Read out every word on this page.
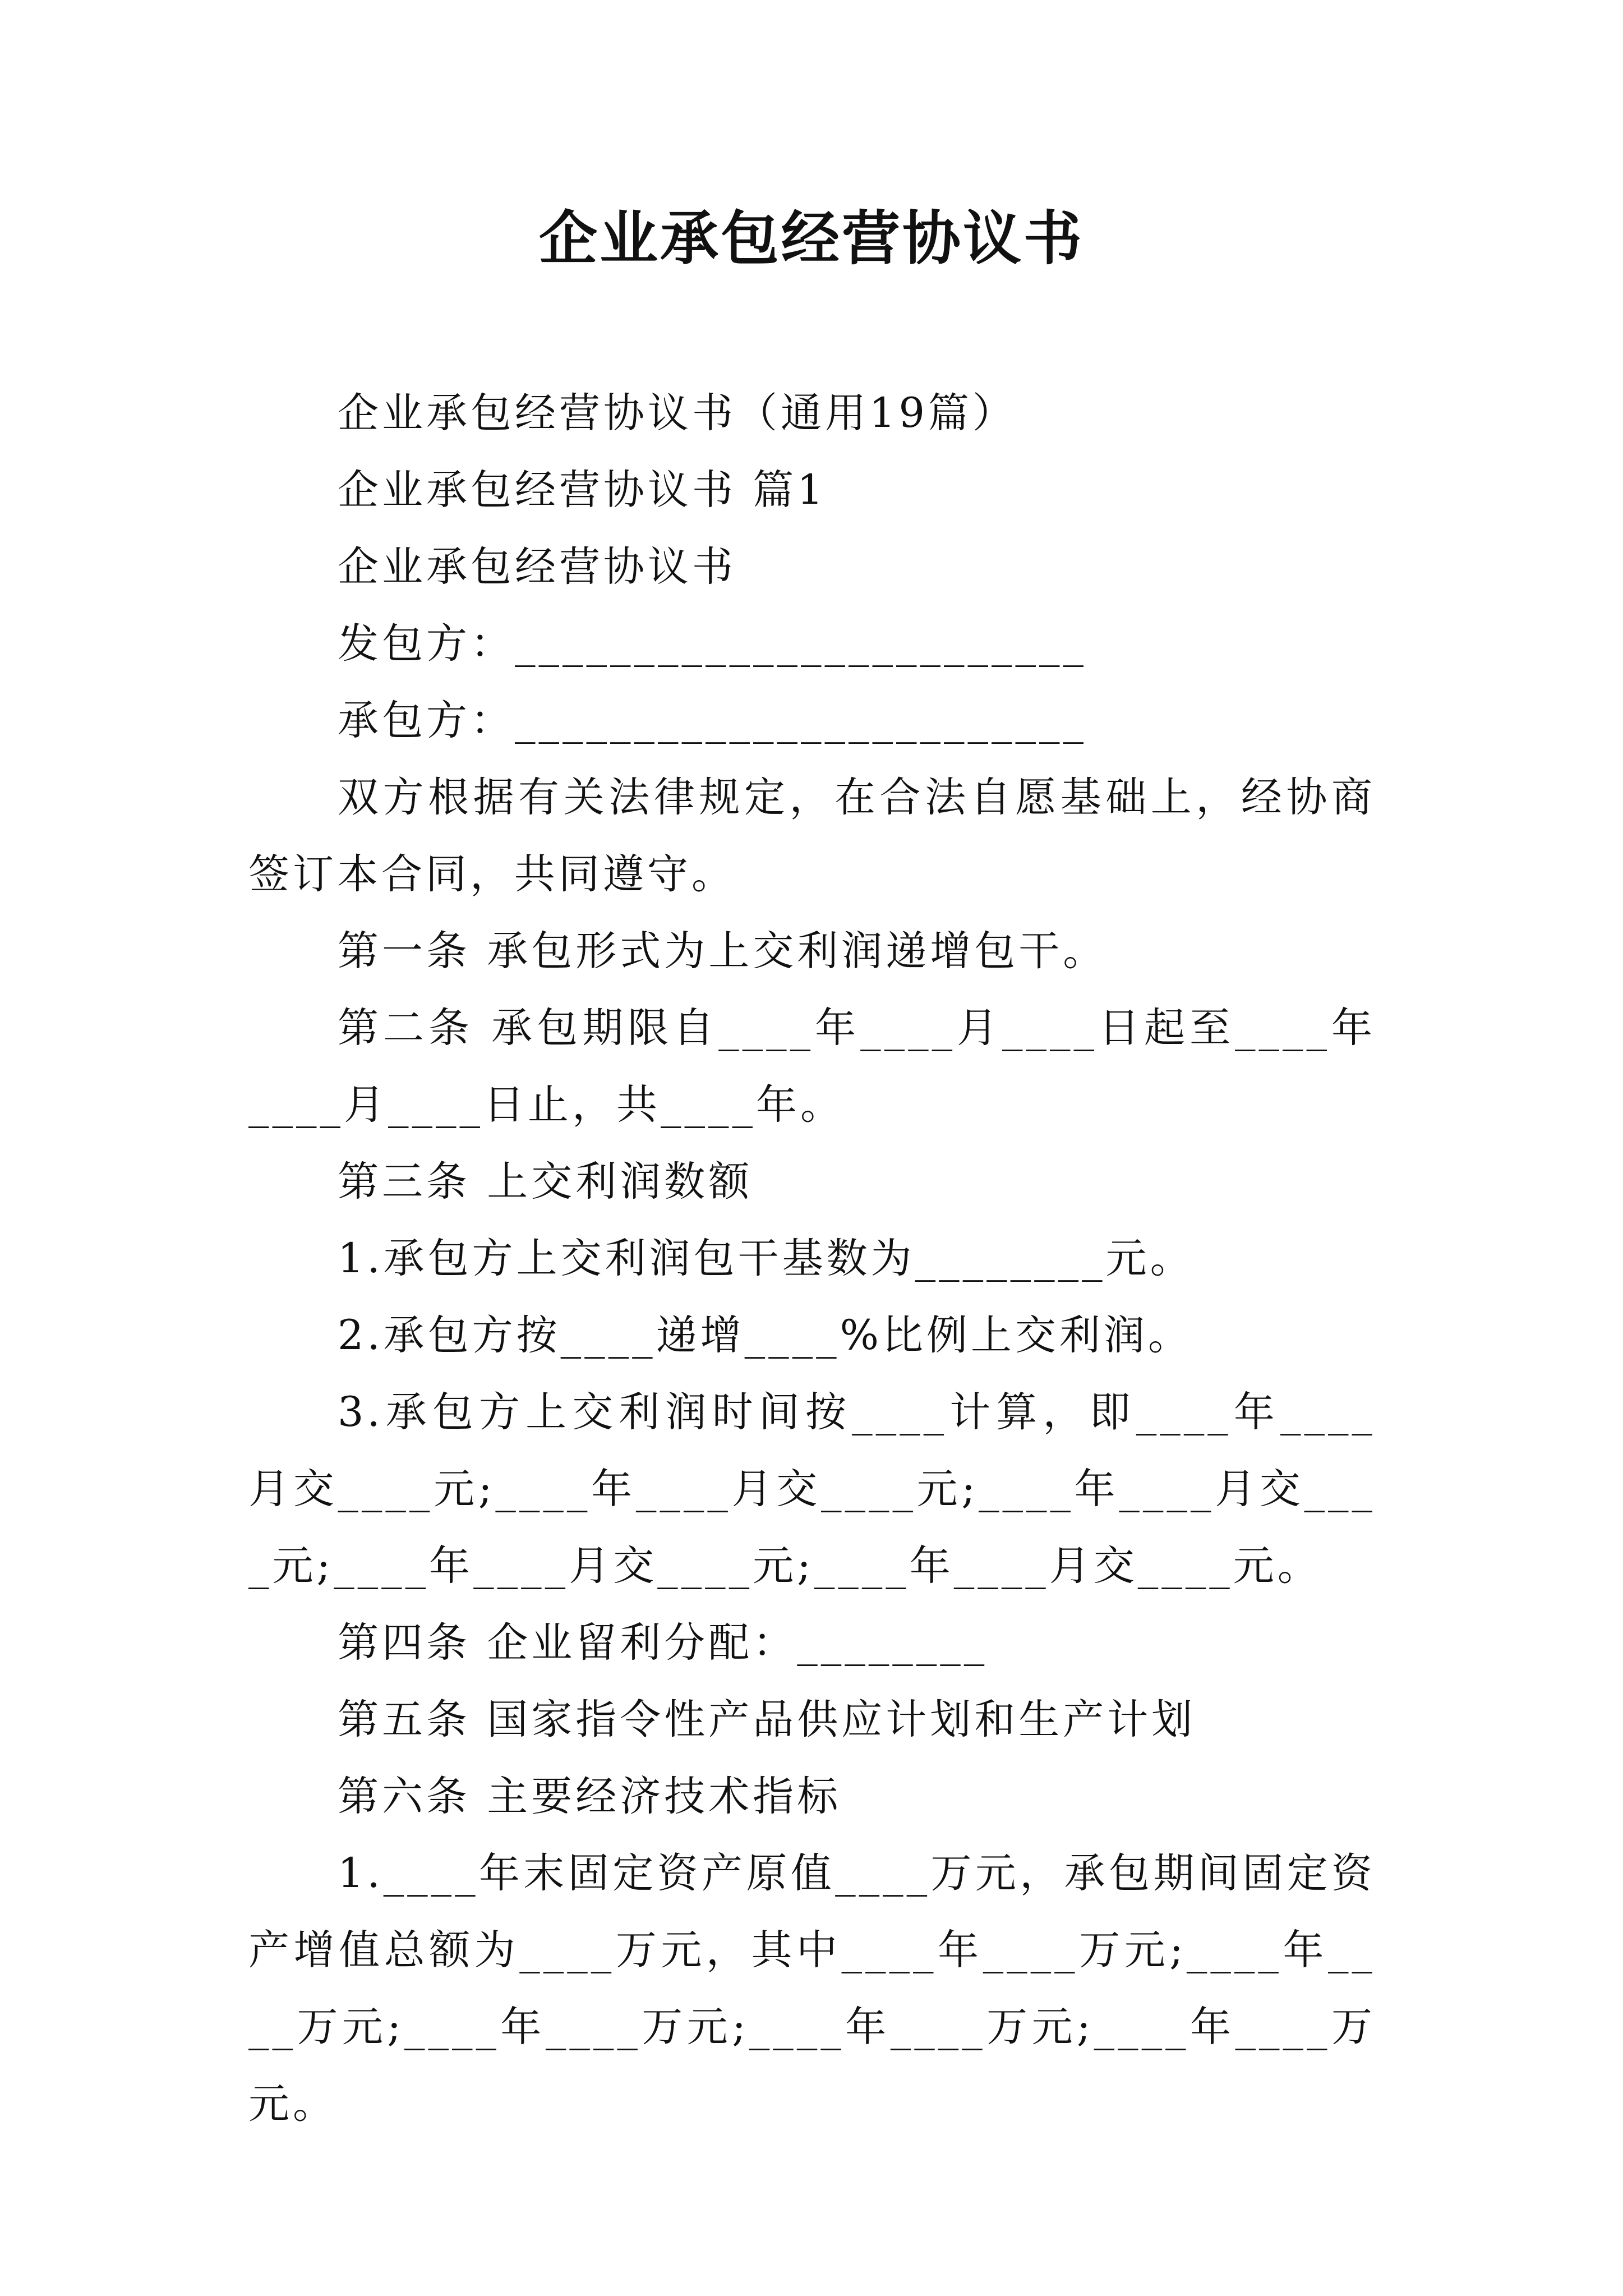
企业承包经营协议书

企业承包经营协议书（通用19篇）

企业承包经营协议书 篇1

企业承包经营协议书

发包方：________________________

承包方：________________________

双方根据有关法律规定，在合法自愿基础上，经协商签订本合同，共同遵守。

第一条 承包形式为上交利润递增包干。

第二条 承包期限自____年____月____日起至____年____月____日止，共____年。

第三条 上交利润数额

1.承包方上交利润包干基数为________元。

2.承包方按____递增____%比例上交利润。

3.承包方上交利润时间按____计算，即____年____月交____元;____年____月交____元;____年____月交____元;____年____月交____元;____年____月交____元。

第四条 企业留利分配：________

第五条 国家指令性产品供应计划和生产计划

第六条 主要经济技术指标

1.____年末固定资产原值____万元，承包期间固定资产增值总额为____万元，其中____年____万元;____年____万元;____年____万元;____年____万元;____年____万元。
